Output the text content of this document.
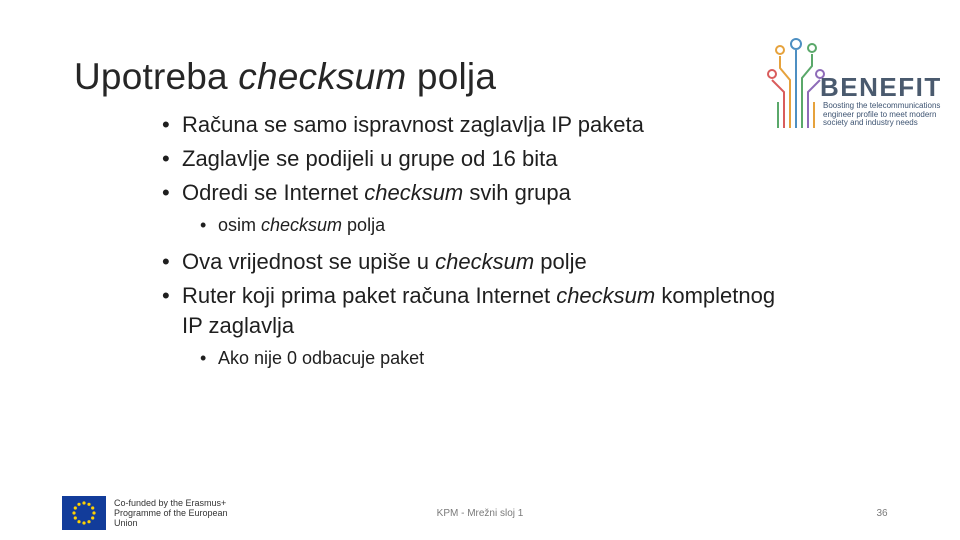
Upotreba checksum polja	BENEFIT
Boosting the telecommunications engineer profile to meet modern society and industry needs
• Računa se samo ispravnost zaglavlja IP paketa
• Zaglavlje se podijeli u grupe od 16 bita
• Odredi se Internet checksum svih grupa
• osim checksum polja
• Ova vrijednost se upiše u checksum polje
• Ruter koji prima paket računa Internet checksum kompletnog IP zaglavlja
• Ako nije 0 odbacuje paket
Co-funded by the Erasmus+ Programme of the European Union
KPM - Mrežni sloj 1	36
